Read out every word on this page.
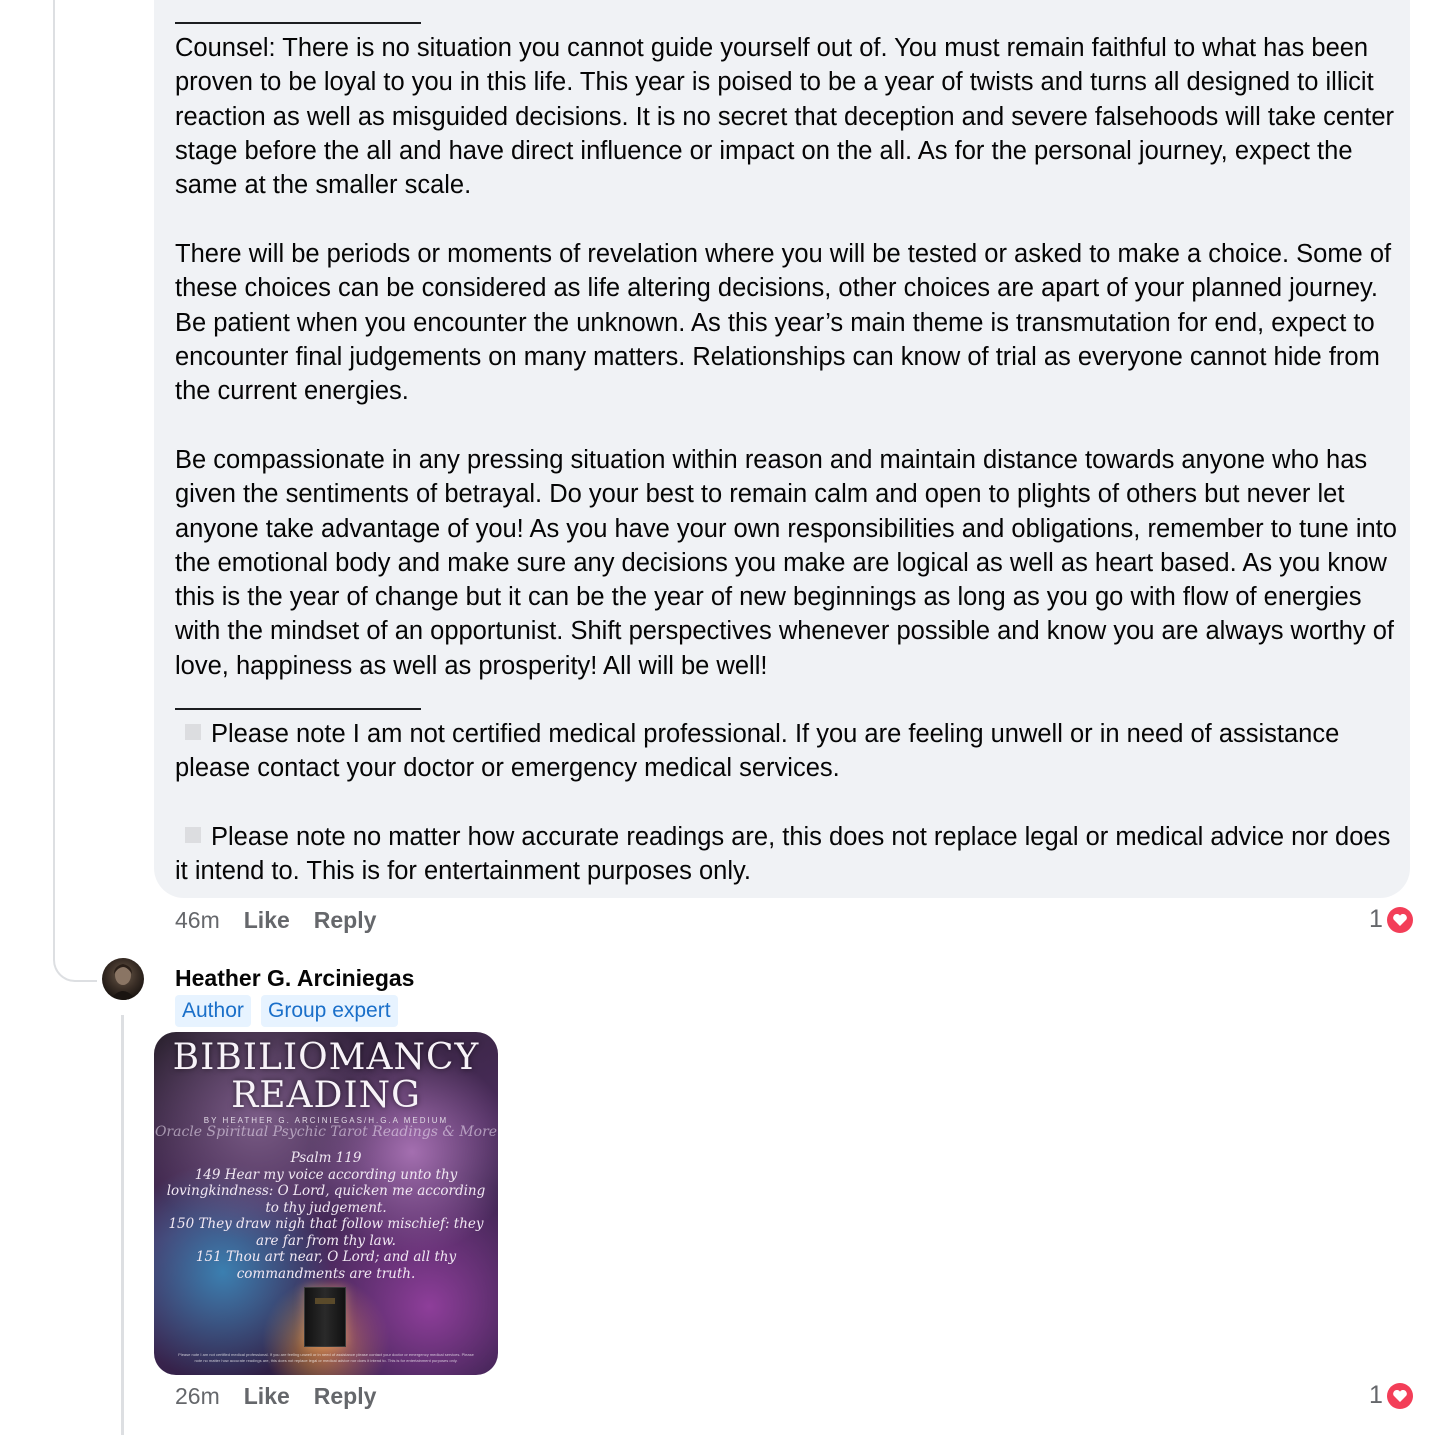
Counsel: There is no situation you cannot guide yourself out of. You must remain faithful to what has been proven to be loyal to you in this life. This year is poised to be a year of twists and turns all designed to illicit reaction as well as misguided decisions. It is no secret that deception and severe falsehoods will take center stage before the all and have direct influence or impact on the all. As for the personal journey, expect the same at the smaller scale.

There will be periods or moments of revelation where you will be tested or asked to make a choice. Some of these choices can be considered as life altering decisions, other choices are apart of your planned journey. Be patient when you encounter the unknown. As this year’s main theme is transmutation for end, expect to encounter final judgements on many matters. Relationships can know of trial as everyone cannot hide from the current energies.

Be compassionate in any pressing situation within reason and maintain distance towards anyone who has given the sentiments of betrayal. Do your best to remain calm and open to plights of others but never let anyone take advantage of you! As you have your own responsibilities and obligations, remember to tune into the emotional body and make sure any decisions you make are logical as well as heart based. As you know this is the year of change but it can be the year of new beginnings as long as you go with flow of energies with the mindset of an opportunist. Shift perspectives whenever possible and know you are always worthy of love, happiness as well as prosperity! All will be well!

Please note I am not certified medical professional. If you are feeling unwell or in need of assistance please contact your doctor or emergency medical services.

Please note no matter how accurate readings are, this does not replace legal or medical advice nor does it intend to. This is for entertainment purposes only.

46m Like Reply	1
Heather G. Arciniegas
Author	Group expert
BIBILIOMANCY
READING
BY HEATHER G. ARCINIEGAS/H.G.A MEDIUM
Oracle Spiritual Psychic Tarot Readings & More
Psalm 119
149 Hear my voice according unto thy lovingkindness: O Lord, quicken me according to thy judgement.
150 They draw nigh that follow mischief: they are far from thy law.
151 Thou art near, O Lord; and all thy commandments are truth.
Please note I am not certified medical professional. If you are feeling unwell or in need of assistance please contact your doctor or emergency medical services. Please note no matter how accurate readings are, this does not replace legal or medical advice nor does it intend to. This is for entertainment purposes only.
26m Like Reply	1
